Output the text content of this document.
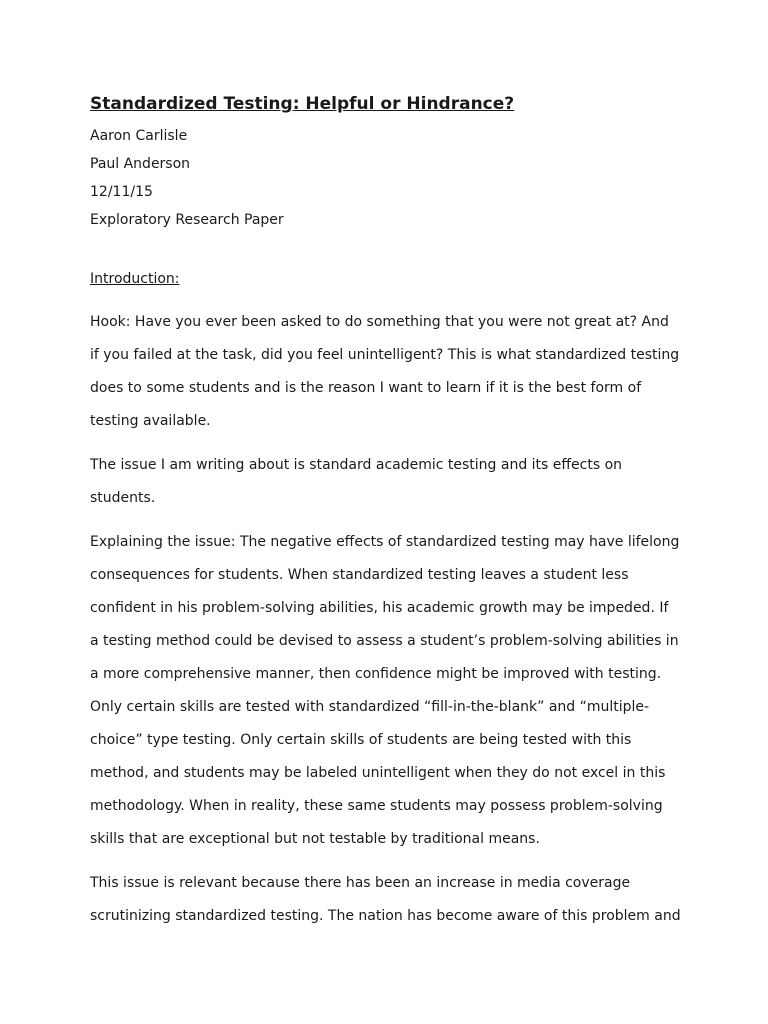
Standardized Testing: Helpful or Hindrance?
Aaron Carlisle
Paul Anderson
12/11/15
Exploratory Research Paper
Introduction:
Hook: Have you ever been asked to do something that you were not great at? And
if you failed at the task, did you feel unintelligent? This is what standardized testing
does to some students and is the reason I want to learn if it is the best form of
testing available.
The issue I am writing about is standard academic testing and its effects on
students.
Explaining the issue: The negative effects of standardized testing may have lifelong
consequences for students. When standardized testing leaves a student less
confident in his problem-solving abilities, his academic growth may be impeded. If
a testing method could be devised to assess a student’s problem-solving abilities in
a more comprehensive manner, then confidence might be improved with testing.
Only certain skills are tested with standardized “fill-in-the-blank” and “multiple-
choice” type testing. Only certain skills of students are being tested with this
method, and students may be labeled unintelligent when they do not excel in this
methodology. When in reality, these same students may possess problem-solving
skills that are exceptional but not testable by traditional means.
This issue is relevant because there has been an increase in media coverage
scrutinizing standardized testing. The nation has become aware of this problem and
